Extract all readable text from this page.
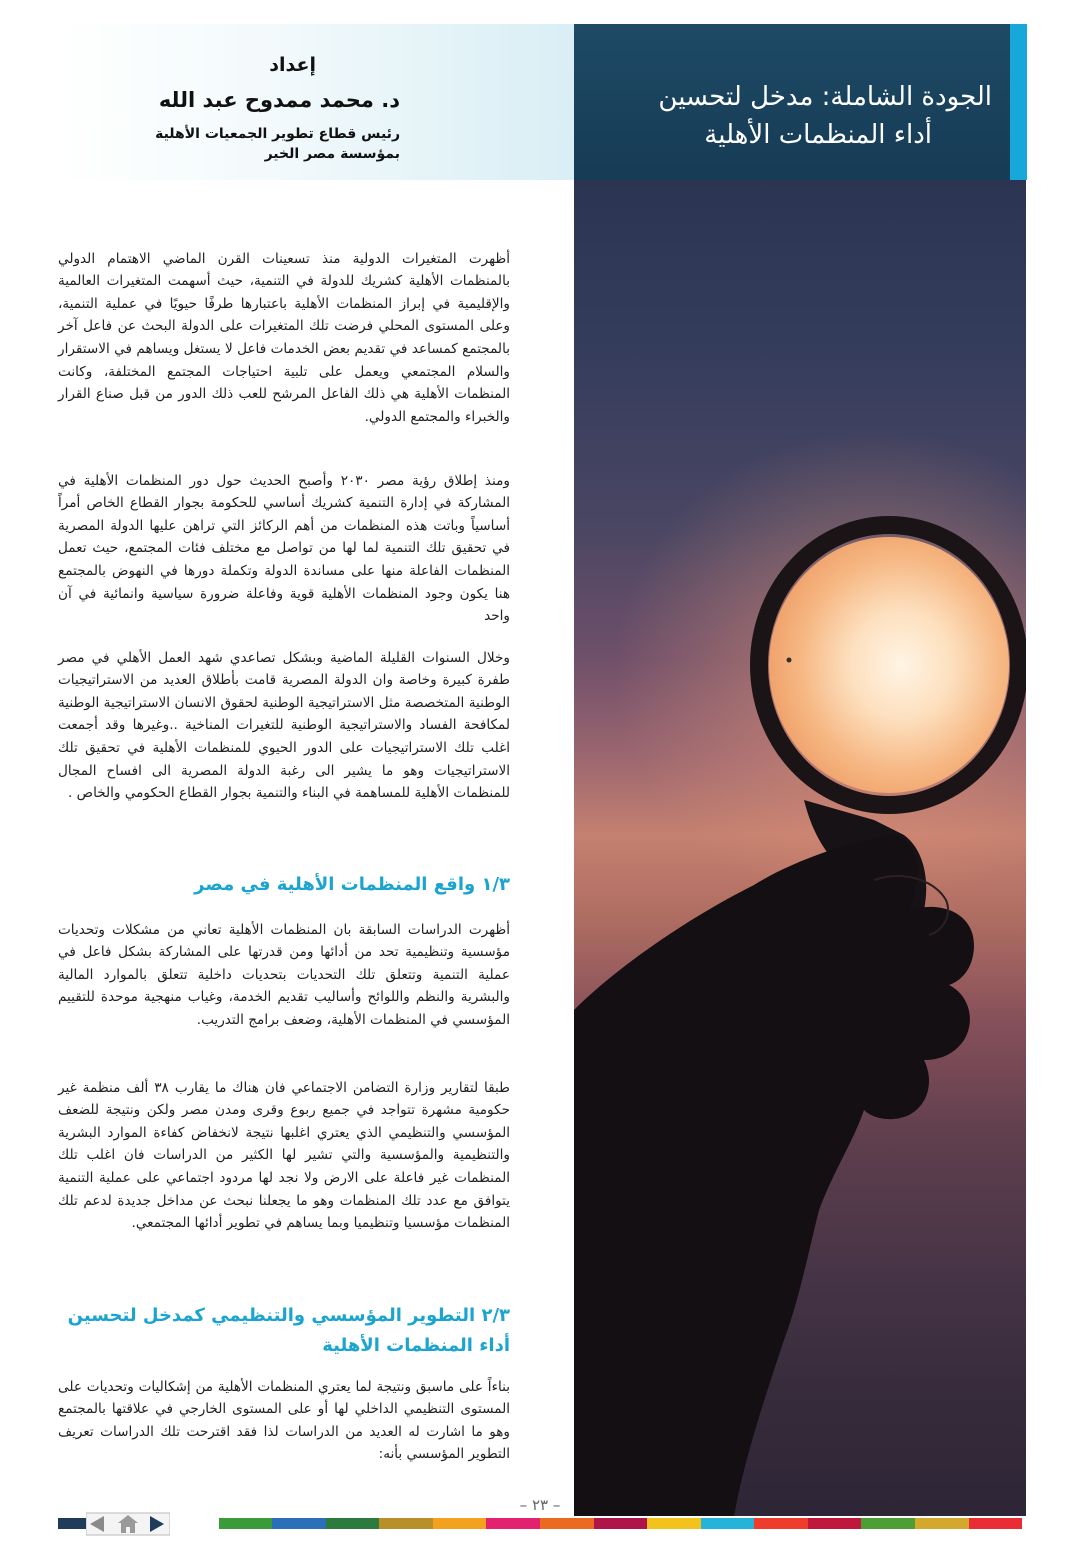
إعداد
د. محمد ممدوح عبد الله
رئيس قطاع تطوير الجمعيات الأهلية
بمؤسسة مصر الخير
الجودة الشاملة: مدخل لتحسين
أداء المنظمات الأهلية

أظهرت المتغيرات الدولية منذ تسعينات القرن الماضي الاهتمام الدولي بالمنظمات الأهلية كشريك للدولة في التنمية، حيث أسهمت المتغيرات العالمية والإقليمية في إبراز المنظمات الأهلية باعتبارها طرفًا حيويًا في عملية التنمية، وعلى المستوى المحلي فرضت تلك المتغيرات على الدولة البحث عن فاعل آخر بالمجتمع كمساعد في تقديم بعض الخدمات فاعل لا يستغل ويساهم في الاستقرار والسلام المجتمعي ويعمل على تلبية احتياجات المجتمع المختلفة، وكانت المنظمات الأهلية هي ذلك الفاعل المرشح للعب ذلك الدور من قبل صناع القرار والخبراء والمجتمع الدولي.

ومنذ إطلاق رؤية مصر ٢٠٣٠ وأصبح الحديث حول دور المنظمات الأهلية في المشاركة في إدارة التنمية كشريك أساسي للحكومة بجوار القطاع الخاص أمراً أساسياً وباتت هذه المنظمات من أهم الركائز التي تراهن عليها الدولة المصرية في تحقيق تلك التنمية لما لها من تواصل مع مختلف فئات المجتمع، حيث تعمل المنظمات الفاعلة منها على مساندة الدولة وتكملة دورها في النهوض بالمجتمع هنا يكون وجود المنظمات الأهلية قوية وفاعلة ضرورة سياسية وانمائية في آن واحد

وخلال السنوات القليلة الماضية وبشكل تصاعدي شهد العمل الأهلي في مصر طفرة كبيرة وخاصة وان الدولة المصرية قامت بأطلاق العديد من الاستراتيجيات الوطنية المتخصصة مثل الاستراتيجية الوطنية لحقوق الانسان الاستراتيجية الوطنية لمكافحة الفساد والاستراتيجية الوطنية للتغيرات المناخية ..وغيرها وقد أجمعت اغلب تلك الاستراتيجيات على الدور الحيوي للمنظمات الأهلية في تحقيق تلك الاستراتيجيات وهو ما يشير الى رغبة الدولة المصرية الى افساح المجال للمنظمات الأهلية للمساهمة في البناء والتنمية بجوار القطاع الحكومي والخاص .

١/٣ واقع المنظمات الأهلية في مصر

أظهرت الدراسات السابقة بان المنظمات الأهلية تعاني من مشكلات وتحديات مؤسسية وتنظيمية تحد من أدائها ومن قدرتها على المشاركة بشكل فاعل في عملية التنمية وتتعلق تلك التحديات بتحديات داخلية تتعلق بالموارد المالية والبشرية والنظم واللوائح وأساليب تقديم الخدمة، وغياب منهجية موحدة للتقييم المؤسسي في المنظمات الأهلية، وضعف برامج التدريب.

طبقا لتقارير وزارة التضامن الاجتماعي فان هناك ما يقارب ٣٨ ألف منظمة غير حكومية مشهرة تتواجد في جميع ربوع وقرى ومدن مصر ولكن ونتيجة للضعف المؤسسي والتنظيمي الذي يعتري اغلبها نتيجة لانخفاض كفاءة الموارد البشرية والتنظيمية والمؤسسية والتي تشير لها الكثير من الدراسات فان اغلب تلك المنظمات غير فاعلة على الارض ولا نجد لها مردود اجتماعي على عملية التنمية يتوافق مع عدد تلك المنظمات وهو ما يجعلنا نبحث عن مداخل جديدة لدعم تلك المنظمات مؤسسيا وتنظيميا وبما يساهم في تطوير أدائها المجتمعي.

٢/٣ التطوير المؤسسي والتنظيمي كمدخل لتحسين أداء المنظمات الأهلية

بناءاً على ماسبق ونتيجة لما يعتري المنظمات الأهلية من إشكاليات وتحديات على المستوى التنظيمي الداخلي لها أو على المستوى الخارجي في علاقتها بالمجتمع وهو ما اشارت له العديد من الدراسات لذا فقد اقترحت تلك الدراسات تعريف التطوير المؤسسي بأنه:

– ٢٣ –
